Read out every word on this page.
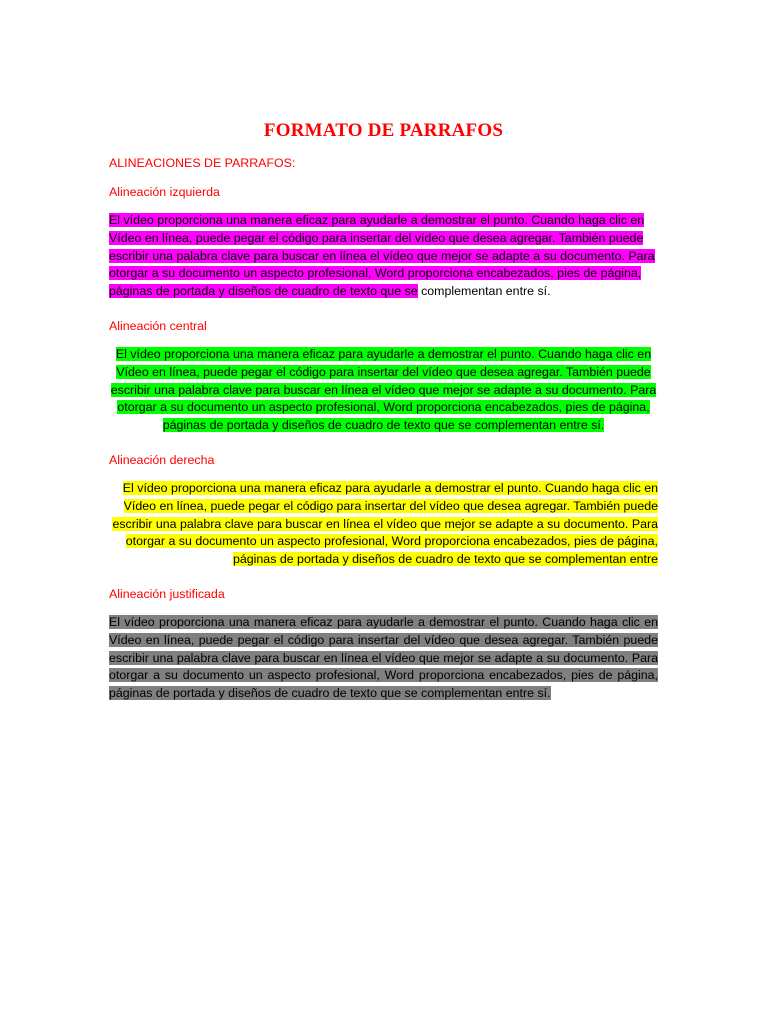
FORMATO DE PARRAFOS
ALINEACIONES DE PARRAFOS:
Alineación izquierda

El vídeo proporciona una manera eficaz para ayudarle a demostrar el punto. Cuando haga clic en Vídeo en línea, puede pegar el código para insertar del vídeo que desea agregar. También puede escribir una palabra clave para buscar en línea el vídeo que mejor se adapte a su documento. Para otorgar a su documento un aspecto profesional, Word proporciona encabezados, pies de página, páginas de portada y diseños de cuadro de texto que se complementan entre sí.

Alineación central

El vídeo proporciona una manera eficaz para ayudarle a demostrar el punto. Cuando haga clic en Vídeo en línea, puede pegar el código para insertar del vídeo que desea agregar. También puede escribir una palabra clave para buscar en línea el vídeo que mejor se adapte a su documento. Para otorgar a su documento un aspecto profesional, Word proporciona encabezados, pies de página, páginas de portada y diseños de cuadro de texto que se complementan entre sí.

Alineación derecha

El vídeo proporciona una manera eficaz para ayudarle a demostrar el punto. Cuando haga clic en Vídeo en línea, puede pegar el código para insertar del vídeo que desea agregar. También puede escribir una palabra clave para buscar en línea el vídeo que mejor se adapte a su documento. Para otorgar a su documento un aspecto profesional, Word proporciona encabezados, pies de página, páginas de portada y diseños de cuadro de texto que se complementan entre

Alineación justificada

El vídeo proporciona una manera eficaz para ayudarle a demostrar el punto. Cuando haga clic en Vídeo en línea, puede pegar el código para insertar del vídeo que desea agregar. También puede escribir una palabra clave para buscar en línea el vídeo que mejor se adapte a su documento. Para otorgar a su documento un aspecto profesional, Word proporciona encabezados, pies de página, páginas de portada y diseños de cuadro de texto que se complementan entre sí.
